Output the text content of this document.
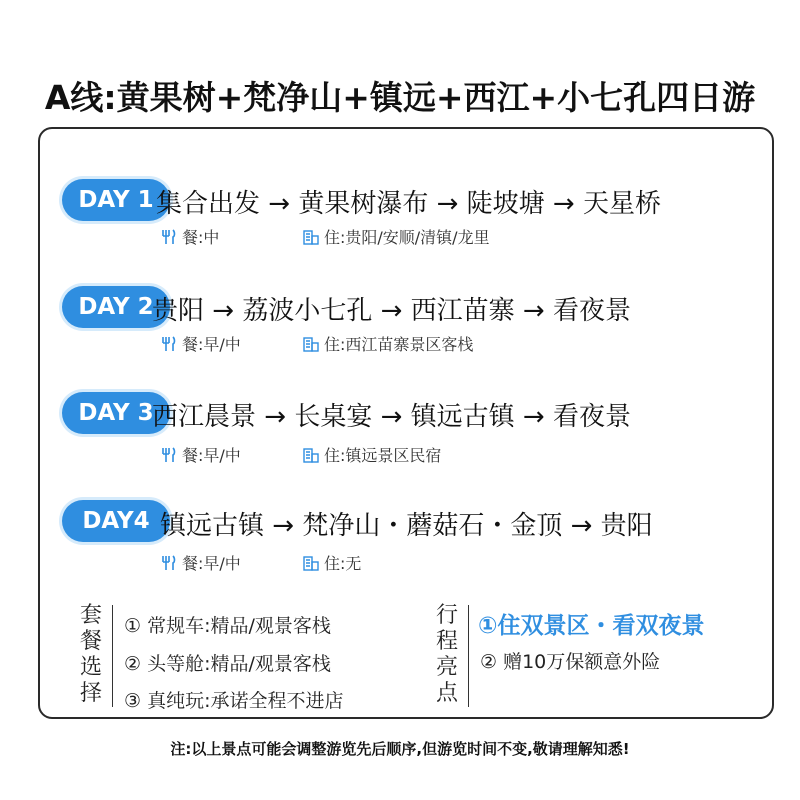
A线:黄果树+梵净山+镇远+西江+小七孔四日游
DAY 1 集合出发 → 黄果树瀑布 → 陡坡塘 → 天星桥
餐:中	住:贵阳/安顺/清镇/龙里
DAY 2
贵阳 → 荔波小七孔 → 西江苗寨 → 看夜景
餐:早/中	住:西江苗寨景区客栈
DAY 3
西江晨景 → 长桌宴 → 镇远古镇 → 看夜景
餐:早/中	住:镇远景区民宿
DAY4 镇远古镇 → 梵净山・蘑菇石・金顶 → 贵阳
餐:早/中	住:无
套
餐
选
择
① 常规车:精品/观景客栈
② 头等舱:精品/观景客栈
③ 真纯玩:承诺全程不进店
行
程
亮
点
①住双景区・看双夜景
② 赠10万保额意外险
注:以上景点可能会调整游览先后顺序,但游览时间不变,敬请理解知悉!
